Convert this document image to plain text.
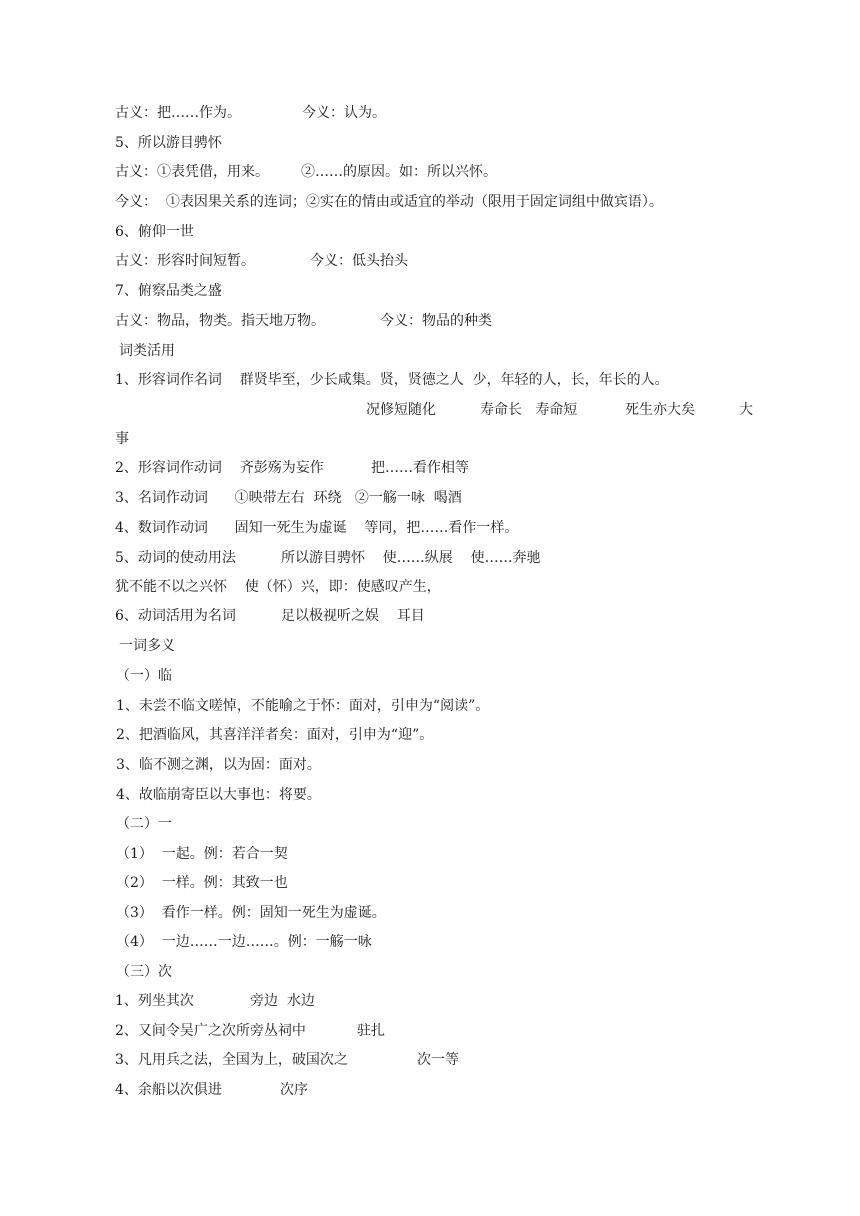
古义：把……作为。

	今义：认为。

5、所以游目骋怀

古义：①表凭借，用来。

②……的原因。如：所以兴怀。

今义：  ①表因果关系的连词；②实在的情由或适宜的举动（限用于固定词组中做宾语）。

6、俯仰一世

古义：形容时间短暂。

	今义：低头抬头

7、俯察品类之盛

古义：物品，物类。指天地万物。

	今义：物品的种类

词类活用

1、形容词作名词    群贤毕至，少长咸集。贤，贤德之人  少，年轻的人，长，年长的人。

况修短随化

	寿命长   寿命短

	死生亦大矣

	大

事

2、形容词作动词    齐彭殇为妄作

	把……看作相等

3、名词作动词      ①映带左右  环绕   ②一觞一咏  喝酒

4、数词作动词      固知一死生为虚诞    等同，把……看作一样。

5、动词的使动用法

	所以游目骋怀    使……纵展    使……奔驰

犹不能不以之兴怀    使（怀）兴，即：使感叹产生，

6、动词活用为名词

	足以极视听之娱    耳目

一词多义

（一）临

1、未尝不临文嗟悼，不能喻之于怀：面对，引申为“阅读”。

2、把酒临风，其喜洋洋者矣：面对，引申为“迎”。

3、临不测之渊，以为固：面对。

4、故临崩寄臣以大事也：将要。

（二）一

（1）  一起。例：若合一契

（2）  一样。例：其致一也

（3）  看作一样。例：固知一死生为虚诞。

（4）  一边……一边……。例：一觞一咏

（三）次

1、列坐其次

	旁边  水边

2、又间令吴广之次所旁丛祠中

	驻扎

3、凡用兵之法，全国为上，破国次之

	次一等

4、余船以次俱进

	次序
